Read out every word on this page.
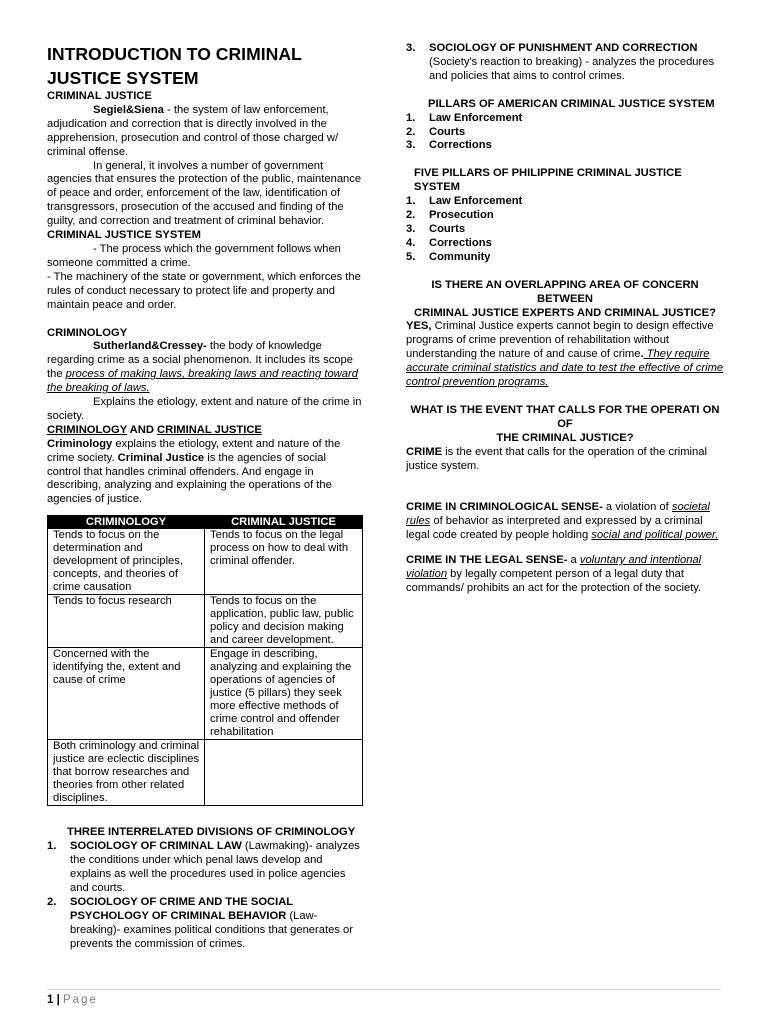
INTRODUCTION TO CRIMINAL
JUSTICE SYSTEM

CRIMINAL JUSTICE

Segiel&Siena - the system of law enforcement, adjudication and correction that is directly involved in the apprehension, prosecution and control of those charged w/ criminal offense.

In general, it involves a number of government agencies that ensures the protection of the public, maintenance of peace and order, enforcement of the law, identification of transgressors, prosecution of the accused and finding of the guilty, and correction and treatment of criminal behavior.

CRIMINAL JUSTICE SYSTEM

- The process which the government follows when someone committed a crime.

- The machinery of the state or government, which enforces the rules of conduct necessary to protect life and property and maintain peace and order.

CRIMINOLOGY

Sutherland&Cressey- the body of knowledge regarding crime as a social phenomenon. It includes its scope the process of making laws, breaking laws and reacting toward the breaking of laws.

Explains the etiology, extent and nature of the crime in society.

CRIMINOLOGY AND CRIMINAL JUSTICE

Criminology explains the etiology, extent and nature of the crime society. Criminal Justice is the agencies of social control that handles criminal offenders. And engage in describing, analyzing and explaining the operations of the agencies of justice.

CRIMINOLOGY	CRIMINAL JUSTICE
Tends to focus on the determination and development of principles, concepts, and theories of crime causation	Tends to focus on the legal process on how to deal with criminal offender.
Tends to focus research	Tends to focus on the application, public law, public policy and decision making and career development.
Concerned with the identifying the, extent and cause of crime	Engage in describing, analyzing and explaining the operations of agencies of justice (5 pillars) they seek more effective methods of crime control and offender rehabilitation
Both criminology and criminal justice are eclectic disciplines that borrow researches and theories from other related disciplines.	

THREE INTERRELATED DIVISIONS OF CRIMINOLOGY

1. SOCIOLOGY OF CRIMINAL LAW (Lawmaking)- analyzes the conditions under which penal laws develop and explains as well the procedures used in police agencies and courts.
2. SOCIOLOGY OF CRIME AND THE SOCIAL PSYCHOLOGY OF CRIMINAL BEHAVIOR (Law-breaking)- examines political conditions that generates or prevents the commission of crimes.
3. SOCIOLOGY OF PUNISHMENT AND CORRECTION
(Society's reaction to breaking) - analyzes the procedures and policies that aims to control crimes.

PILLARS OF AMERICAN CRIMINAL JUSTICE SYSTEM

1. Law Enforcement
2. Courts
3. Corrections

FIVE PILLARS OF PHILIPPINE CRIMINAL JUSTICE SYSTEM

1. Law Enforcement
2. Prosecution
3. Courts
4. Corrections
5. Community

IS THERE AN OVERLAPPING AREA OF CONCERN BETWEEN

CRIMINAL JUSTICE EXPERTS AND CRIMINAL JUSTICE?

YES, Criminal Justice experts cannot begin to design effective programs of crime prevention of rehabilitation without understanding the nature of and cause of crime. They require accurate criminal statistics and date to test the effective of crime control prevention programs.

WHAT IS THE EVENT THAT CALLS FOR THE OPERATI ON OF

THE CRIMINAL JUSTICE?

CRIME is the event that calls for the operation of the criminal justice system.

CRIME IN CRIMINOLOGICAL SENSE- a violation of societal rules of behavior as interpreted and expressed by a criminal legal code created by people holding social and political power.

CRIME IN THE LEGAL SENSE- a voluntary and intentional violation by legally competent person of a legal duty that commands/ prohibits an act for the protection of the society.

1 | Page
